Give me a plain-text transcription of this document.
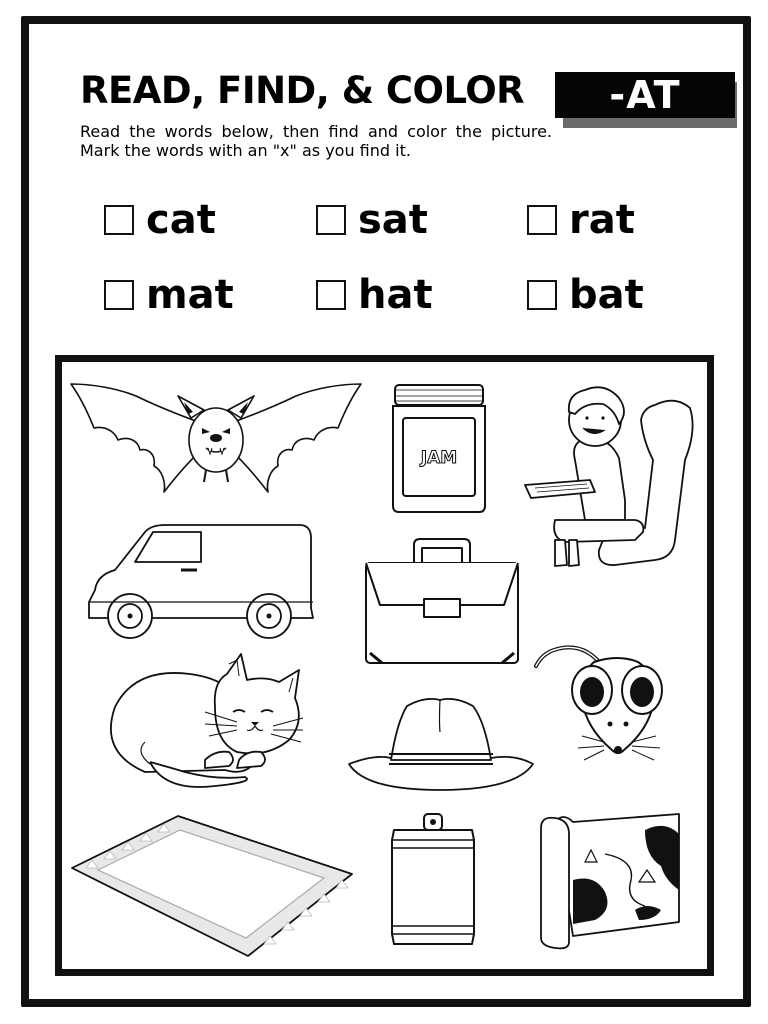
READ, FIND, & COLOR	-AT

Read the words below, then find and color the picture. Mark the words with an "x" as you find it.

cat	sat	rat
mat	hat	bat
JAM
